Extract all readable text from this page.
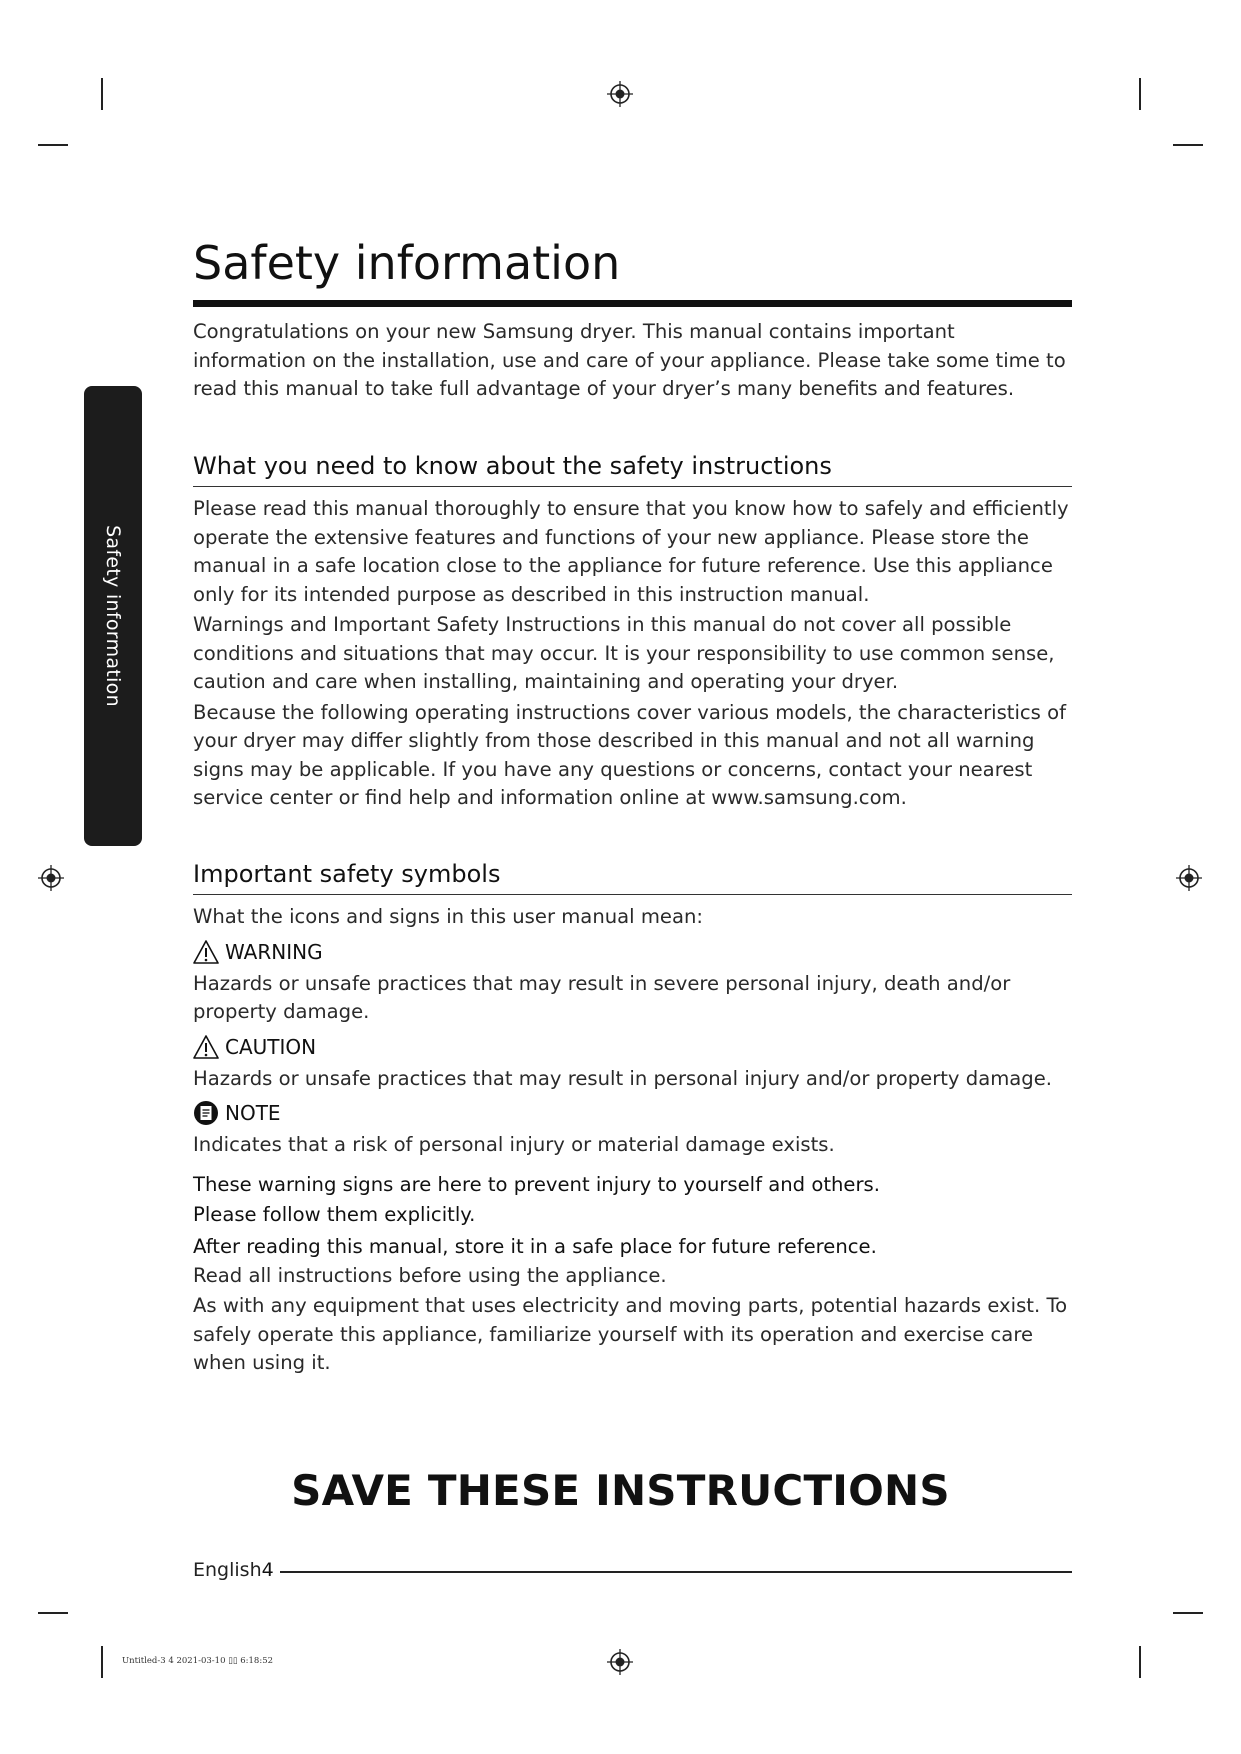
Safety information
Safety information

Congratulations on your new Samsung dryer. This manual contains important information on the installation, use and care of your appliance. Please take some time to read this manual to take full advantage of your dryer’s many benefits and features.

What you need to know about the safety instructions

Please read this manual thoroughly to ensure that you know how to safely and efficiently operate the extensive features and functions of your new appliance. Please store the manual in a safe location close to the appliance for future reference. Use this appliance only for its intended purpose as described in this instruction manual.

Warnings and Important Safety Instructions in this manual do not cover all possible conditions and situations that may occur. It is your responsibility to use common sense, caution and care when installing, maintaining and operating your dryer.

Because the following operating instructions cover various models, the characteristics of your dryer may differ slightly from those described in this manual and not all warning signs may be applicable. If you have any questions or concerns, contact your nearest service center or find help and information online at www.samsung.com.

Important safety symbols

What the icons and signs in this user manual mean:

WARNING

Hazards or unsafe practices that may result in severe personal injury, death and/or property damage.

CAUTION

Hazards or unsafe practices that may result in personal injury and/or property damage.

NOTE

Indicates that a risk of personal injury or material damage exists.

These warning signs are here to prevent injury to yourself and others.

Please follow them explicitly.

After reading this manual, store it in a safe place for future reference.

Read all instructions before using the appliance.

As with any equipment that uses electricity and moving parts, potential hazards exist. To safely operate this appliance, familiarize yourself with its operation and exercise care when using it.

SAVE THESE INSTRUCTIONS
English 4
Untitled-3 4 2021-03-10 ▯▯ 6:18:52
